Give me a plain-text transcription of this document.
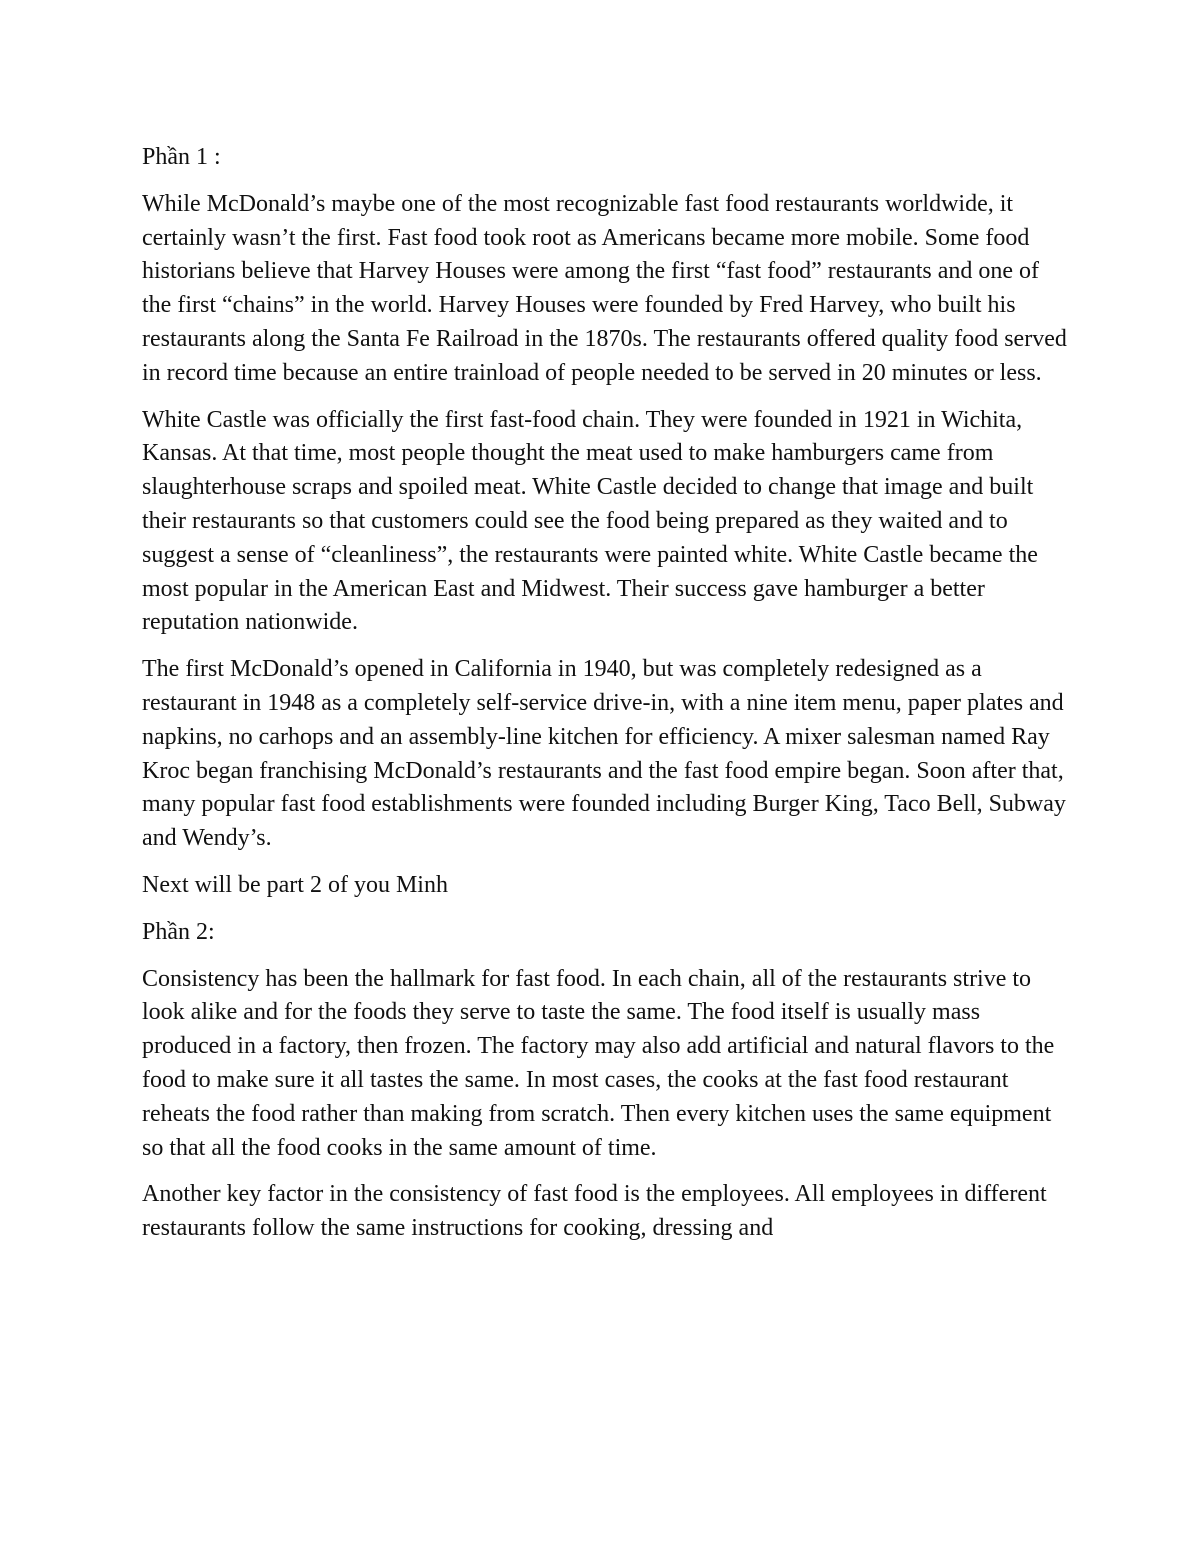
Phần 1 :

While McDonald’s maybe one of the most recognizable fast food restaurants worldwide, it certainly wasn’t the first. Fast food took root as Americans became more mobile. Some food historians believe that Harvey Houses were among the first “fast food” restaurants and one of the first “chains” in the world. Harvey Houses were founded by Fred Harvey, who built his restaurants along the Santa Fe Railroad in the 1870s. The restaurants offered quality food served in record time because an entire trainload of people needed to be served in 20 minutes or less.

White Castle was officially the first fast-food chain. They were founded in 1921 in Wichita, Kansas. At that time, most people thought the meat used to make hamburgers came from slaughterhouse scraps and spoiled meat. White Castle decided to change that image and built their restaurants so that customers could see the food being prepared as they waited and to suggest a sense of “cleanliness”, the restaurants were painted white. White Castle became the most popular in the American East and Midwest. Their success gave hamburger a better reputation nationwide.

The first McDonald’s opened in California in 1940, but was completely redesigned as a restaurant in 1948 as a completely self-service drive-in, with a nine item menu, paper plates and napkins, no carhops and an assembly-line kitchen for efficiency. A mixer salesman named Ray Kroc began franchising McDonald’s restaurants and the fast food empire began. Soon after that, many popular fast food establishments were founded including Burger King, Taco Bell, Subway and Wendy’s.

Next will be part 2 of you Minh

Phần 2:

Consistency has been the hallmark for fast food. In each chain, all of the restaurants strive to look alike and for the foods they serve to taste the same. The food itself is usually mass produced in a factory, then frozen. The factory may also add artificial and natural flavors to the food to make sure it all tastes the same. In most cases, the cooks at the fast food restaurant reheats the food rather than making from scratch. Then every kitchen uses the same equipment so that all the food cooks in the same amount of time.

Another key factor in the consistency of fast food is the employees. All employees in different restaurants follow the same instructions for cooking, dressing and
